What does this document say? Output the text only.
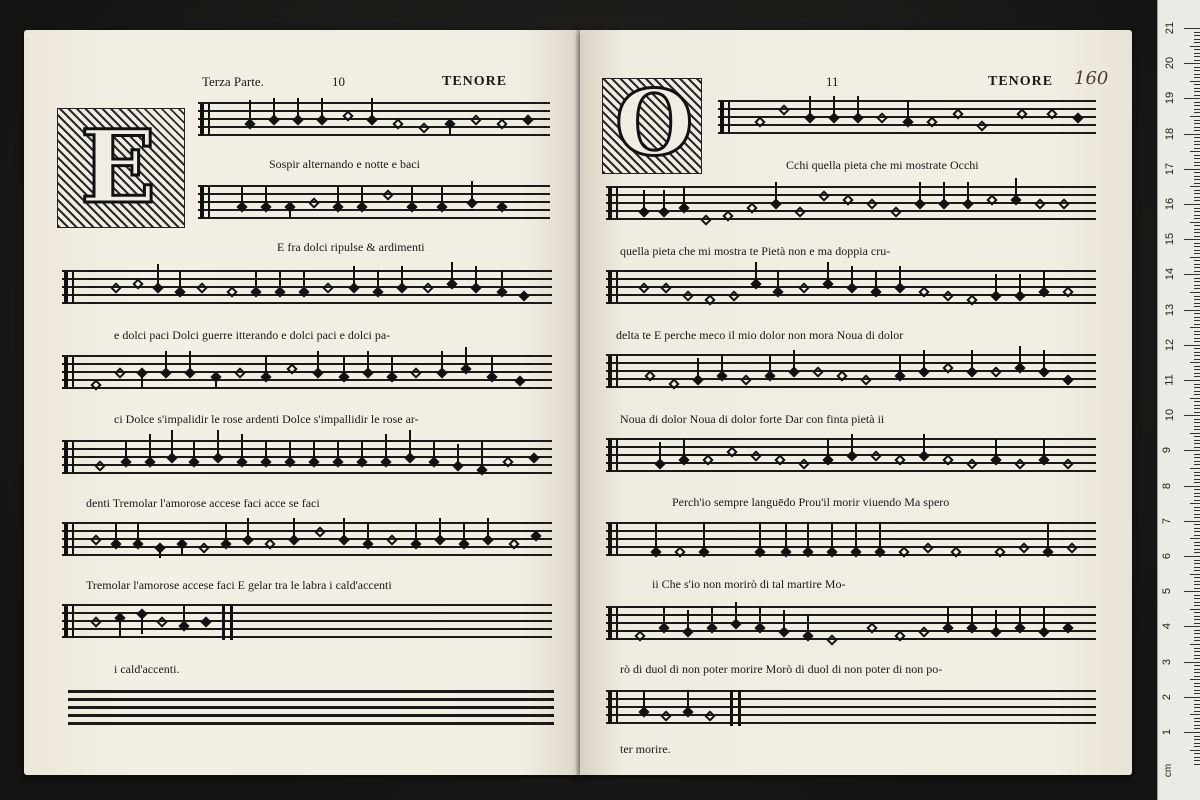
Terza Parte.	10	TENORE
E	Sospir alternando e notte e baci
E fra dolci ripulse & ardimenti
e dolci paci Dolci guerre itterando e dolci paci e dolci pa-
ci Dolce s'impalidir le rose ardenti Dolce s'impallidir le rose ar-
denti Tremolar l'amorose accese faci acce se faci
Tremolar l'amorose accese faci E gelar tra le labra i cald'accenti
i cald'accenti.
11	TENORE 160
O	Cchi quella pieta che mi mostrate Occhi
quella pieta che mi mostra te Pietà non e ma doppia cru-
delta te E perche meco il mio dolor non mora Noua di dolor
Noua di dolor Noua di dolor forte Dar con finta pietà ii
Perch'io sempre languēdo Prou'il morir viuendo Ma spero
ii Che s'io non morirò di tal martire Mo-
rò di duol di non poter morire Morò di duol di non poter di non po-
ter morire.
21
20
19
18
17
16
15
14
13
12
11
10
9
8
7
6
5
4
3
2
1
cm
